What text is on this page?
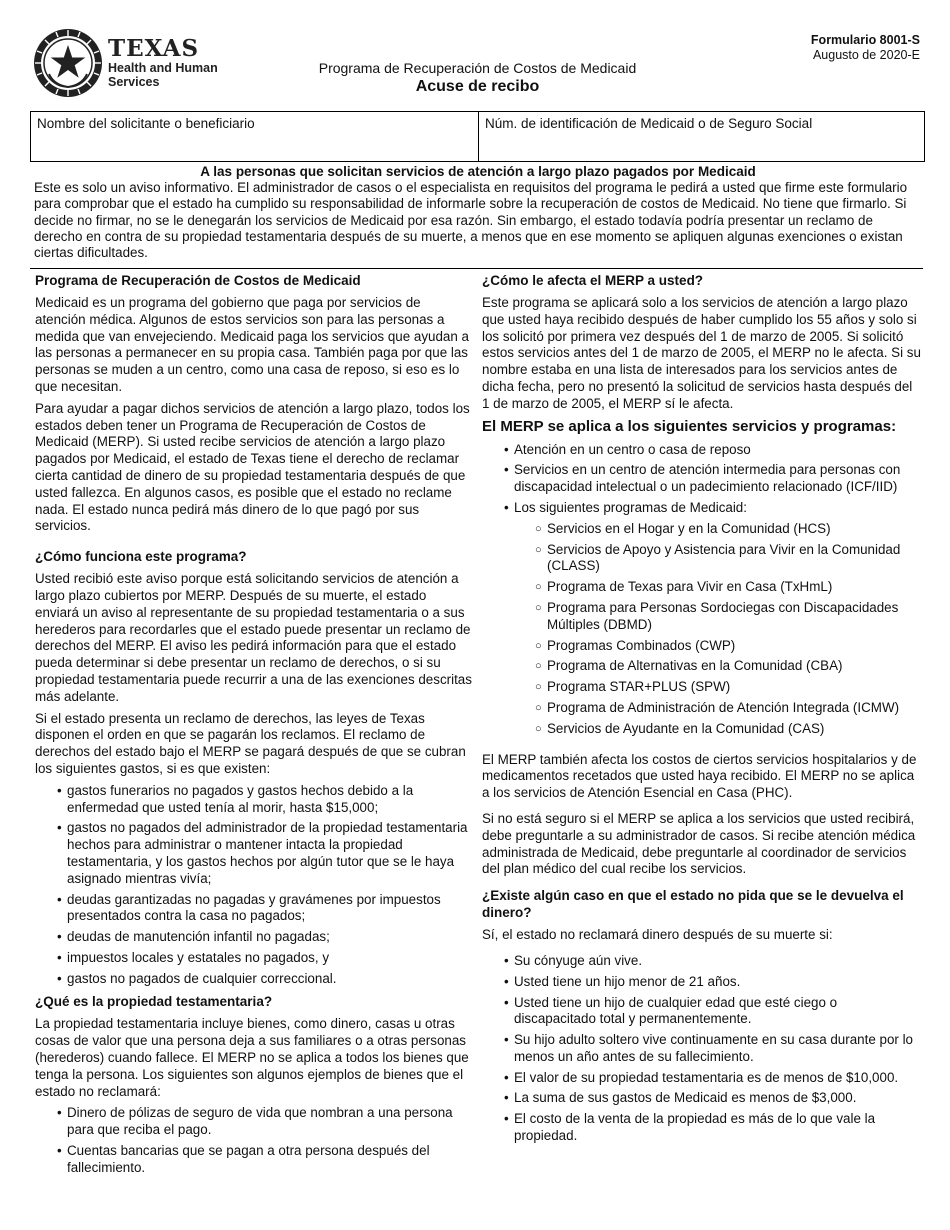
TEXAS
Health and Human
Services
Formulario 8001-S
Augusto de 2020-E
Programa de Recuperación de Costos de Medicaid
Acuse de recibo
Nombre del solicitante o beneficiario	Núm. de identificación de Medicaid o de Seguro Social
A las personas que solicitan servicios de atención a largo plazo pagados por Medicaid

Este es solo un aviso informativo. El administrador de casos o el especialista en requisitos del programa le pedirá a usted que firme este formulario para comprobar que el estado ha cumplido su responsabilidad de informarle sobre la recuperación de costos de Medicaid. No tiene que firmarlo. Si decide no firmar, no se le denegarán los servicios de Medicaid por esa razón. Sin embargo, el estado todavía podría presentar un reclamo de derecho en contra de su propiedad testamentaria después de su muerte, a menos que en ese momento se apliquen algunas exenciones o existan ciertas dificultades.

Programa de Recuperación de Costos de Medicaid

Medicaid es un programa del gobierno que paga por servicios de atención médica. Algunos de estos servicios son para las personas a medida que van envejeciendo. Medicaid paga los servicios que ayudan a las personas a permanecer en su propia casa. También paga por que las personas se muden a un centro, como una casa de reposo, si eso es lo que necesitan.

Para ayudar a pagar dichos servicios de atención a largo plazo, todos los estados deben tener un Programa de Recuperación de Costos de Medicaid (MERP). Si usted recibe servicios de atención a largo plazo pagados por Medicaid, el estado de Texas tiene el derecho de reclamar cierta cantidad de dinero de su propiedad testamentaria después de que usted fallezca. En algunos casos, es posible que el estado no reclame nada. El estado nunca pedirá más dinero de lo que pagó por sus servicios.

¿Cómo funciona este programa?

Usted recibió este aviso porque está solicitando servicios de atención a largo plazo cubiertos por MERP. Después de su muerte, el estado enviará un aviso al representante de su propiedad testamentaria o a sus herederos para recordarles que el estado puede presentar un reclamo de derechos del MERP. El aviso les pedirá información para que el estado pueda determinar si debe presentar un reclamo de derechos, o si su propiedad testamentaria puede recurrir a una de las exenciones descritas más adelante.

Si el estado presenta un reclamo de derechos, las leyes de Texas disponen el orden en que se pagarán los reclamos. El reclamo de derechos del estado bajo el MERP se pagará después de que se cubran los siguientes gastos, si es que existen:

• gastos funerarios no pagados y gastos hechos debido a la enfermedad que usted tenía al morir, hasta $15,000;
• gastos no pagados del administrador de la propiedad testamentaria hechos para administrar o mantener intacta la propiedad testamentaria, y los gastos hechos por algún tutor que se le haya asignado mientras vivía;
• deudas garantizadas no pagadas y gravámenes por impuestos presentados contra la casa no pagados;
• deudas de manutención infantil no pagadas;
• impuestos locales y estatales no pagados, y
• gastos no pagados de cualquier correccional.
¿Qué es la propiedad testamentaria?

La propiedad testamentaria incluye bienes, como dinero, casas u otras cosas de valor que una persona deja a sus familiares o a otras personas (herederos) cuando fallece. El MERP no se aplica a todos los bienes que tenga la persona. Los siguientes son algunos ejemplos de bienes que el estado no reclamará:

• Dinero de pólizas de seguro de vida que nombran a una persona para que reciba el pago.
• Cuentas bancarias que se pagan a otra persona después del fallecimiento.
¿Cómo le afecta el MERP a usted?

Este programa se aplicará solo a los servicios de atención a largo plazo que usted haya recibido después de haber cumplido los 55 años y solo si los solicitó por primera vez después del 1 de marzo de 2005. Si solicitó estos servicios antes del 1 de marzo de 2005, el MERP no le afecta. Si su nombre estaba en una lista de interesados para los servicios antes de dicha fecha, pero no presentó la solicitud de servicios hasta después del 1 de marzo de 2005, el MERP sí le afecta.

El MERP se aplica a los siguientes servicios y programas:
• Atención en un centro o casa de reposo
• Servicios en un centro de atención intermedia para personas con discapacidad intelectual o un padecimiento relacionado (ICF/IID)
• Los siguientes programas de Medicaid:
○ Servicios en el Hogar y en la Comunidad (HCS)
○ Servicios de Apoyo y Asistencia para Vivir en la Comunidad (CLASS)
○ Programa de Texas para Vivir en Casa (TxHmL)
○ Programa para Personas Sordociegas con Discapacidades Múltiples (DBMD)
○ Programas Combinados (CWP)
○ Programa de Alternativas en la Comunidad (CBA)
○ Programa STAR+PLUS (SPW)
○ Programa de Administración de Atención Integrada (ICMW)
○ Servicios de Ayudante en la Comunidad (CAS)

El MERP también afecta los costos de ciertos servicios hospitalarios y de medicamentos recetados que usted haya recibido. El MERP no se aplica a los servicios de Atención Esencial en Casa (PHC).

Si no está seguro si el MERP se aplica a los servicios que usted recibirá, debe preguntarle a su administrador de casos. Si recibe atención médica administrada de Medicaid, debe preguntarle al coordinador de servicios del plan médico del cual recibe los servicios.

¿Existe algún caso en que el estado no pida que se le devuelva el dinero?

Sí, el estado no reclamará dinero después de su muerte si:

• Su cónyuge aún vive.
• Usted tiene un hijo menor de 21 años.
• Usted tiene un hijo de cualquier edad que esté ciego o discapacitado total y permanentemente.
• Su hijo adulto soltero vive continuamente en su casa durante por lo menos un año antes de su fallecimiento.
• El valor de su propiedad testamentaria es de menos de $10,000.
• La suma de sus gastos de Medicaid es menos de $3,000.
• El costo de la venta de la propiedad es más de lo que vale la propiedad.
